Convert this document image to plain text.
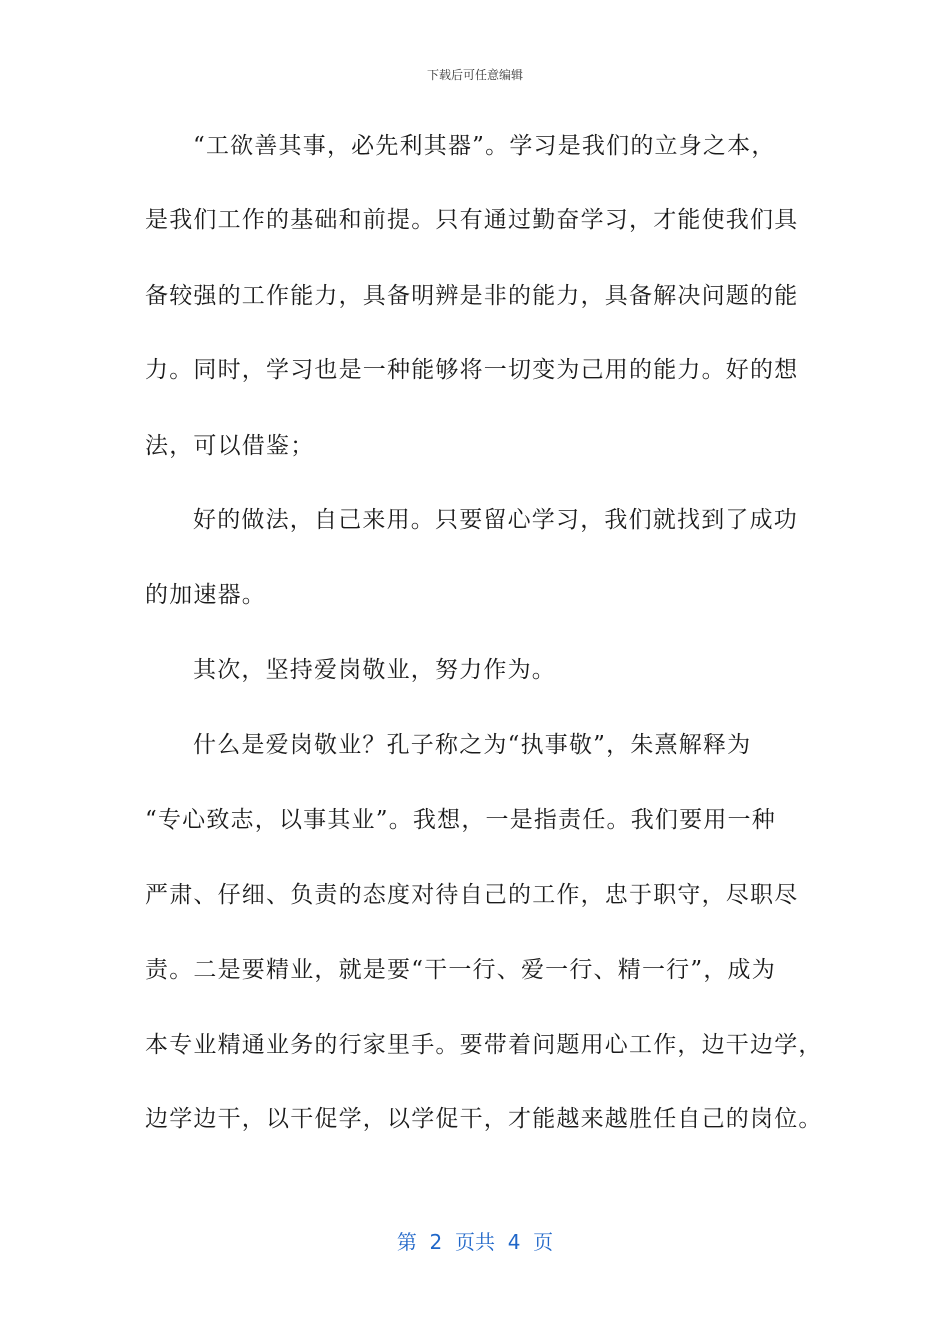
下载后可任意编辑
“工欲善其事，必先利其器”。学习是我们的立身之本，
是我们工作的基础和前提。只有通过勤奋学习，才能使我们具
备较强的工作能力，具备明辨是非的能力，具备解决问题的能
力。同时，学习也是一种能够将一切变为己用的能力。好的想
法，可以借鉴；
好的做法，自己来用。只要留心学习，我们就找到了成功
的加速器。
其次，坚持爱岗敬业，努力作为。
什么是爱岗敬业？孔子称之为“执事敬”，朱熹解释为
“专心致志，以事其业”。我想，一是指责任。我们要用一种
严肃、仔细、负责的态度对待自己的工作，忠于职守，尽职尽
责。二是要精业，就是要“干一行、爱一行、精一行”，成为
本专业精通业务的行家里手。要带着问题用心工作，边干边学，
边学边干，以干促学，以学促干，才能越来越胜任自己的岗位。
第  2  页共  4  页
